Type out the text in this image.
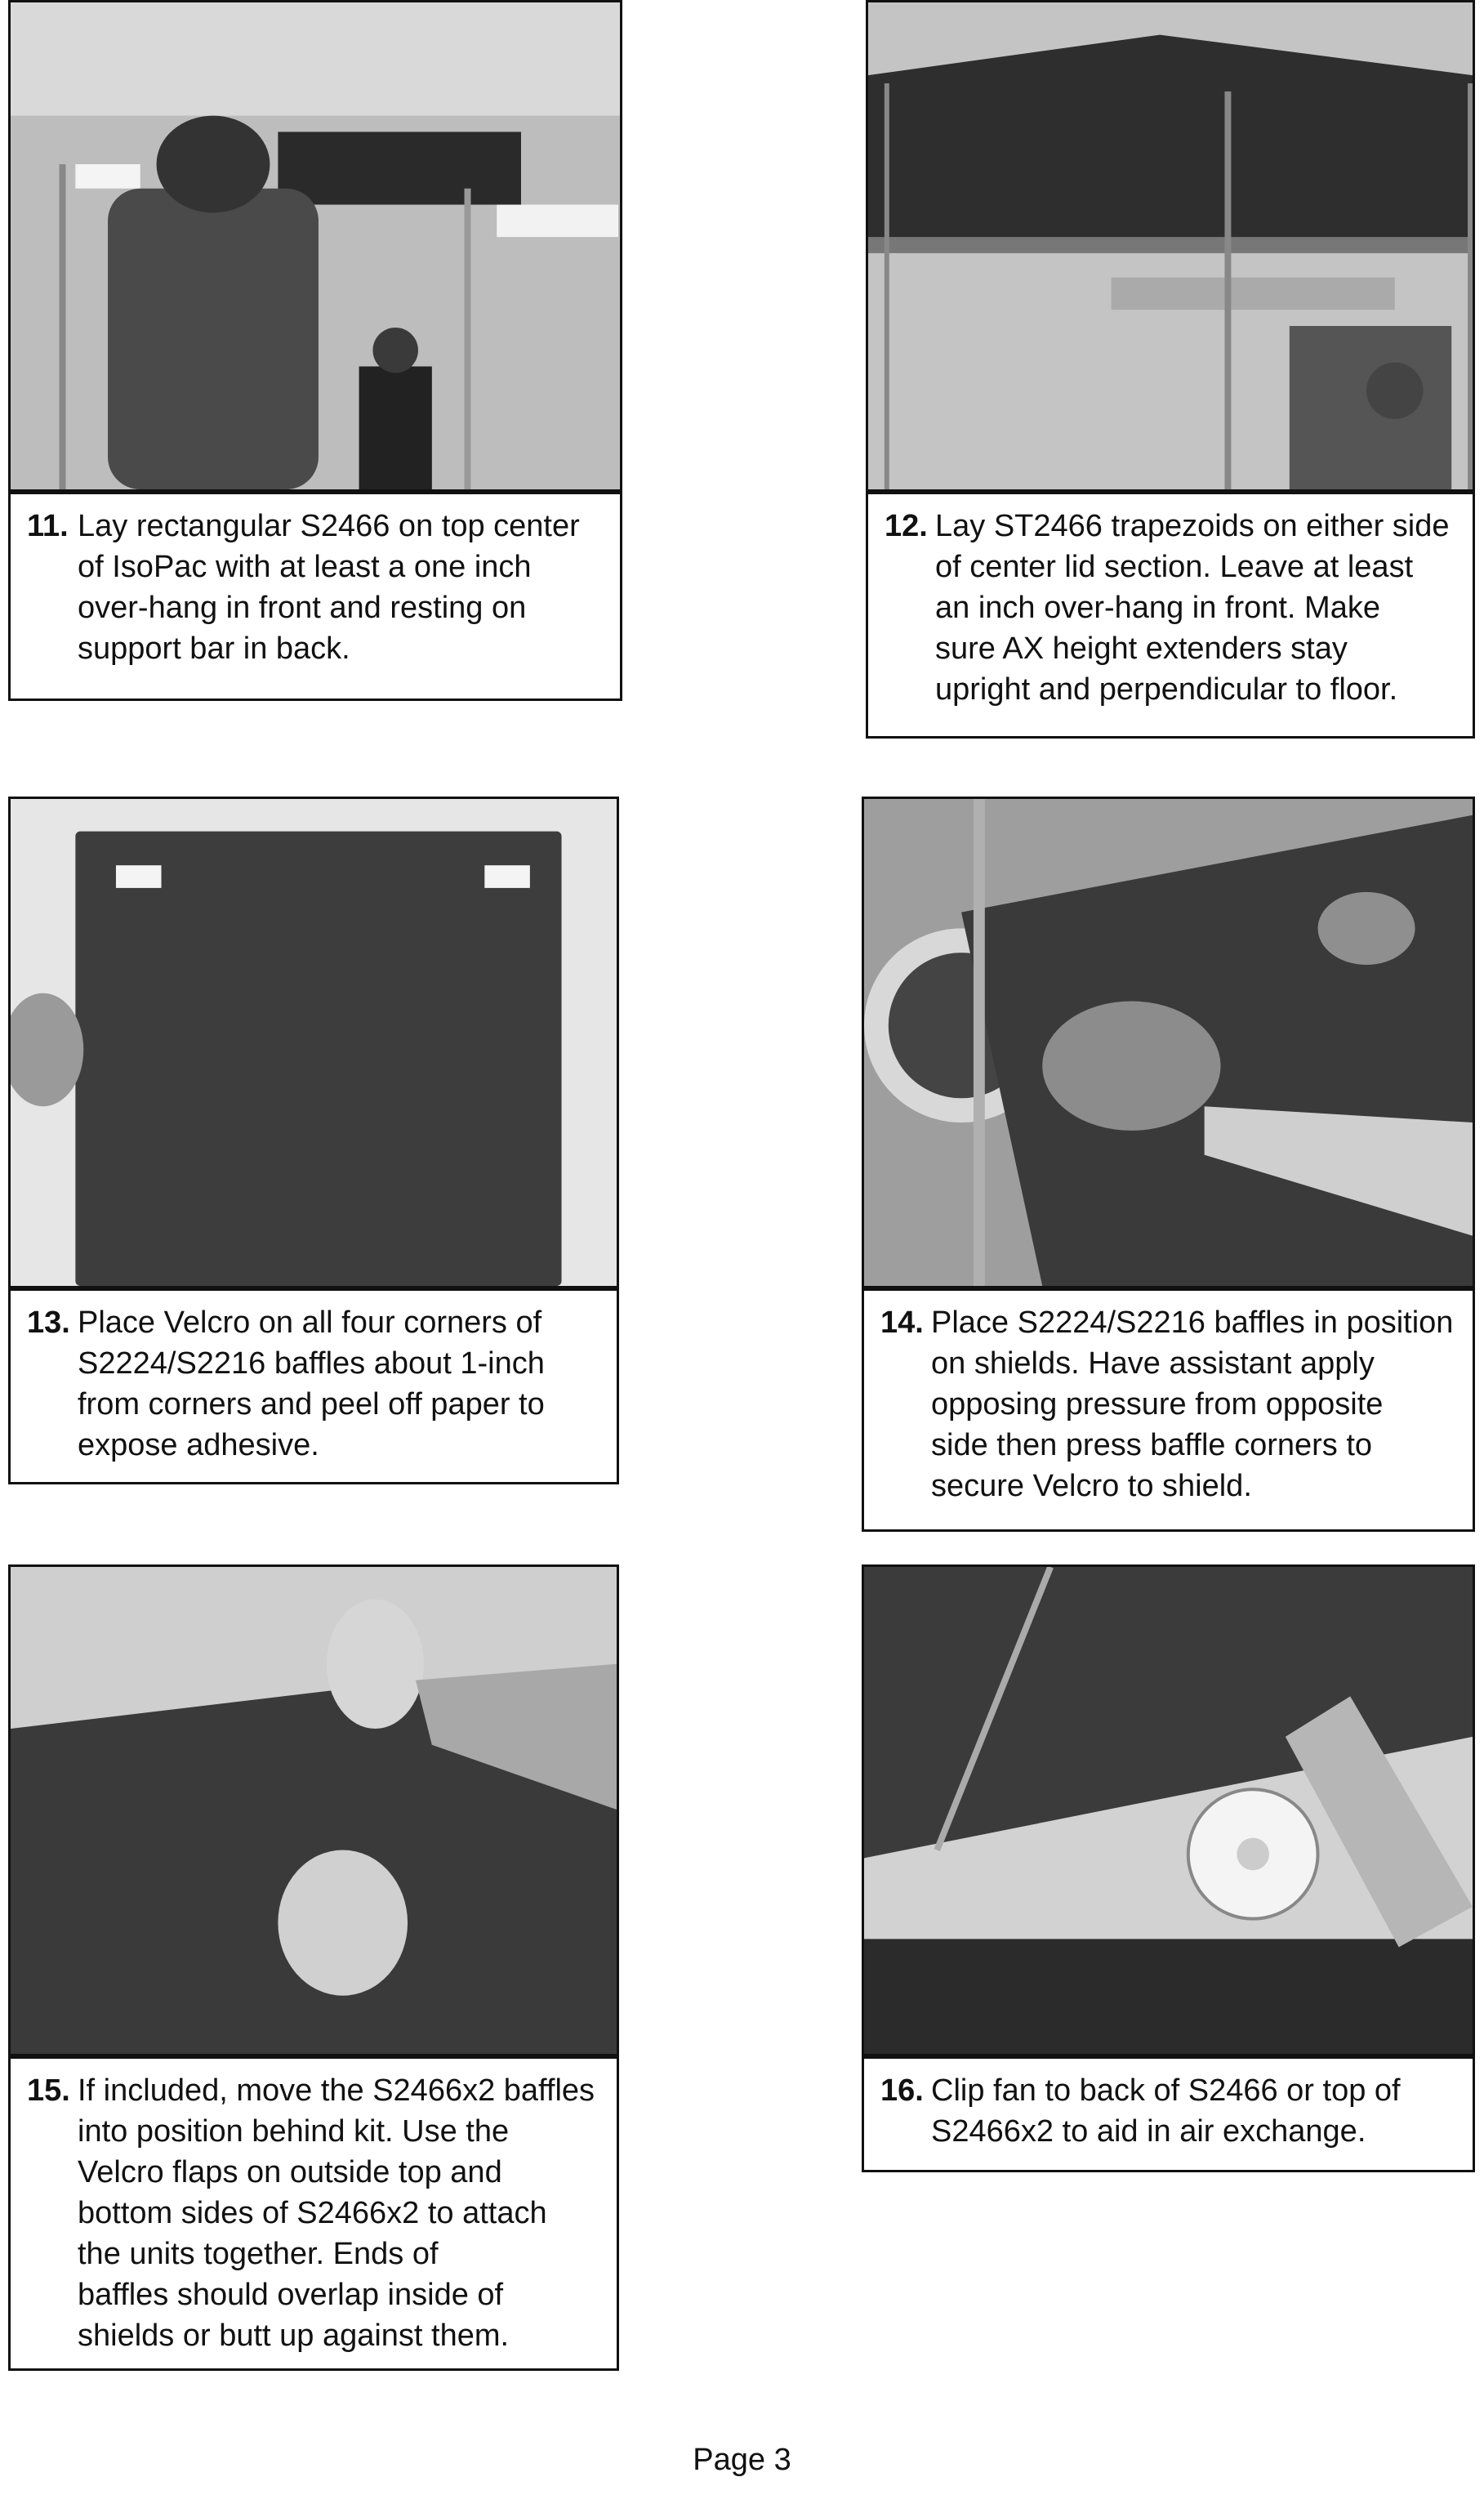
11. Lay rectangular S2466 on top center
of IsoPac with at least a one inch
over-hang in front and resting on
support bar in back.
12. Lay ST2466 trapezoids on either side
of center lid section. Leave at least
an inch over-hang in front. Make
sure AX height extenders stay
upright and perpendicular to floor.
13. Place Velcro on all four corners of
S2224/S2216 baffles about 1-inch
from corners and peel off paper to
expose adhesive.
14. Place S2224/S2216 baffles in position
on shields. Have assistant apply
opposing pressure from opposite
side then press baffle corners to
secure Velcro to shield.
15. If included, move the S2466x2 baffles
into position behind kit. Use the
Velcro flaps on outside top and
bottom sides of S2466x2 to attach
the units together. Ends of
baffles should overlap inside of
shields or butt up against them.
16. Clip fan to back of S2466 or top of
S2466x2 to aid in air exchange.
Page 3
